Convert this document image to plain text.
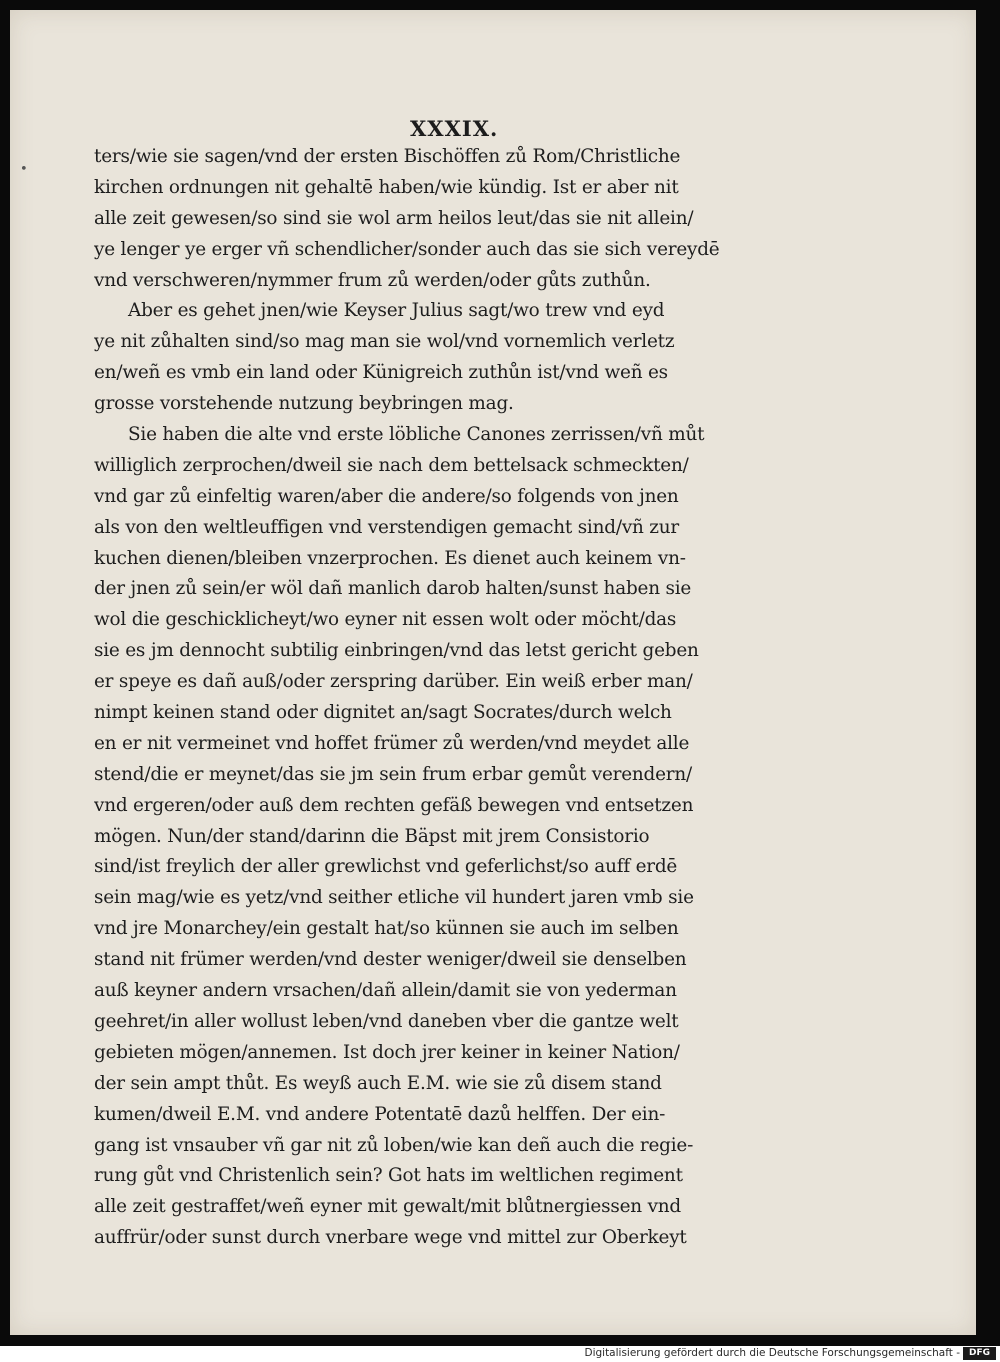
•
XXXIX.
ters/wie sie sagen/vnd der ersten Bischöffen zů Rom/Christliche
kirchen ordnungen nit gehaltē haben/wie kündig. Ist er aber nit
alle zeit gewesen/so sind sie wol arm heilos leut/das sie nit allein/
ye lenger ye erger vñ schendlicher/sonder auch das sie sich vereydē
vnd verschweren/nymmer frum zů werden/oder gůts zuthůn.
Aber es gehet jnen/wie Keyser Julius sagt/wo trew vnd eyd
ye nit zůhalten sind/so mag man sie wol/vnd vornemlich verletz
en/weñ es vmb ein land oder Künigreich zuthůn ist/vnd weñ es
grosse vorstehende nutzung beybringen mag.
Sie haben die alte vnd erste löbliche Canones zerrissen/vñ můt
williglich zerprochen/dweil sie nach dem bettelsack schmeckten/
vnd gar zů einfeltig waren/aber die andere/so folgends von jnen
als von den weltleuffigen vnd verstendigen gemacht sind/vñ zur
kuchen dienen/bleiben vnzerprochen. Es dienet auch keinem vn-
der jnen zů sein/er wöl dañ manlich darob halten/sunst haben sie
wol die geschicklicheyt/wo eyner nit essen wolt oder möcht/das
sie es jm dennocht subtilig einbringen/vnd das letst gericht geben
er speye es dañ auß/oder zerspring darüber. Ein weiß erber man/
nimpt keinen stand oder dignitet an/sagt Socrates/durch welch
en er nit vermeinet vnd hoffet frümer zů werden/vnd meydet alle
stend/die er meynet/das sie jm sein frum erbar gemůt verendern/
vnd ergeren/oder auß dem rechten gefäß bewegen vnd entsetzen
mögen. Nun/der stand/darinn die Bäpst mit jrem Consistorio
sind/ist freylich der aller grewlichst vnd geferlichst/so auff erdē
sein mag/wie es yetz/vnd seither etliche vil hundert jaren vmb sie
vnd jre Monarchey/ein gestalt hat/so künnen sie auch im selben
stand nit frümer werden/vnd dester weniger/dweil sie denselben
auß keyner andern vrsachen/dañ allein/damit sie von yederman
geehret/in aller wollust leben/vnd daneben vber die gantze welt
gebieten mögen/annemen. Ist doch jrer keiner in keiner Nation/
der sein ampt thůt. Es weyß auch E.M. wie sie zů disem stand
kumen/dweil E.M. vnd andere Potentatē dazů helffen. Der ein-
gang ist vnsauber vñ gar nit zů loben/wie kan deñ auch die regie-
rung gůt vnd Christenlich sein? Got hats im weltlichen regiment
alle zeit gestraffet/weñ eyner mit gewalt/mit blůtnergiessen vnd
auffrür/oder sunst durch vnerbare wege vnd mittel zur Oberkeyt
Digitalisierung gefördert durch die Deutsche Forschungsgemeinschaft - DFG
